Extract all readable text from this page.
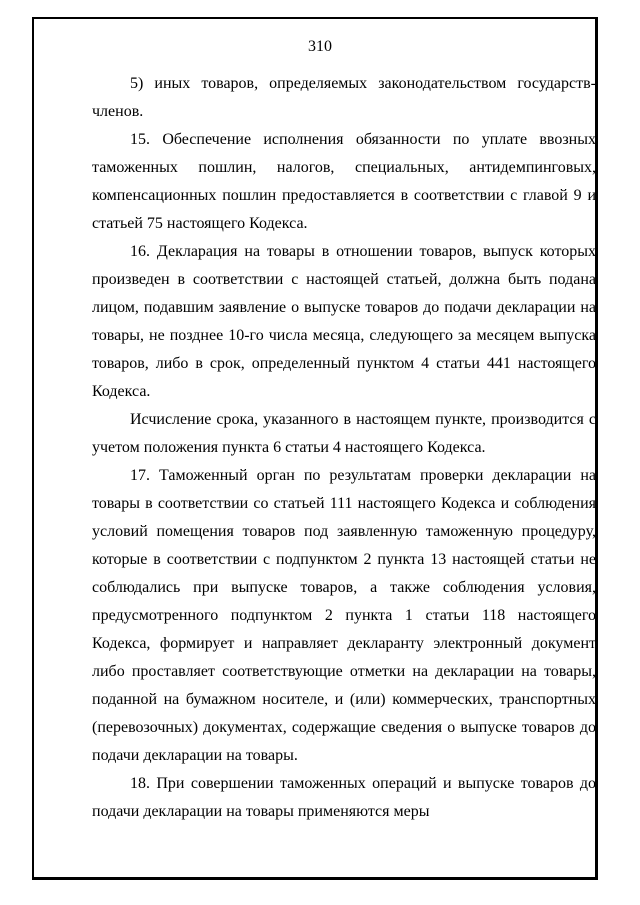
310

5) иных товаров, определяемых законодательством государств-членов.

15. Обеспечение исполнения обязанности по уплате ввозных таможенных пошлин, налогов, специальных, антидемпинговых, компенсационных пошлин предоставляется в соответствии с главой 9 и статьей 75 настоящего Кодекса.

16. Декларация на товары в отношении товаров, выпуск которых произведен в соответствии с настоящей статьей, должна быть подана лицом, подавшим заявление о выпуске товаров до подачи декларации на товары, не позднее 10-го числа месяца, следующего за месяцем выпуска товаров, либо в срок, определенный пунктом 4 статьи 441 настоящего Кодекса.

Исчисление срока, указанного в настоящем пункте, производится с учетом положения пункта 6 статьи 4 настоящего Кодекса.

17. Таможенный орган по результатам проверки декларации на товары в соответствии со статьей 111 настоящего Кодекса и соблюдения условий помещения товаров под заявленную таможенную процедуру, которые в соответствии с подпунктом 2 пункта 13 настоящей статьи не соблюдались при выпуске товаров, а также соблюдения условия, предусмотренного подпунктом 2 пункта 1 статьи 118 настоящего Кодекса, формирует и направляет декларанту электронный документ либо проставляет соответствующие отметки на декларации на товары, поданной на бумажном носителе, и (или) коммерческих, транспортных (перевозочных) документах, содержащие сведения о выпуске товаров до подачи декларации на товары.

18. При совершении таможенных операций и выпуске товаров до подачи декларации на товары применяются меры
